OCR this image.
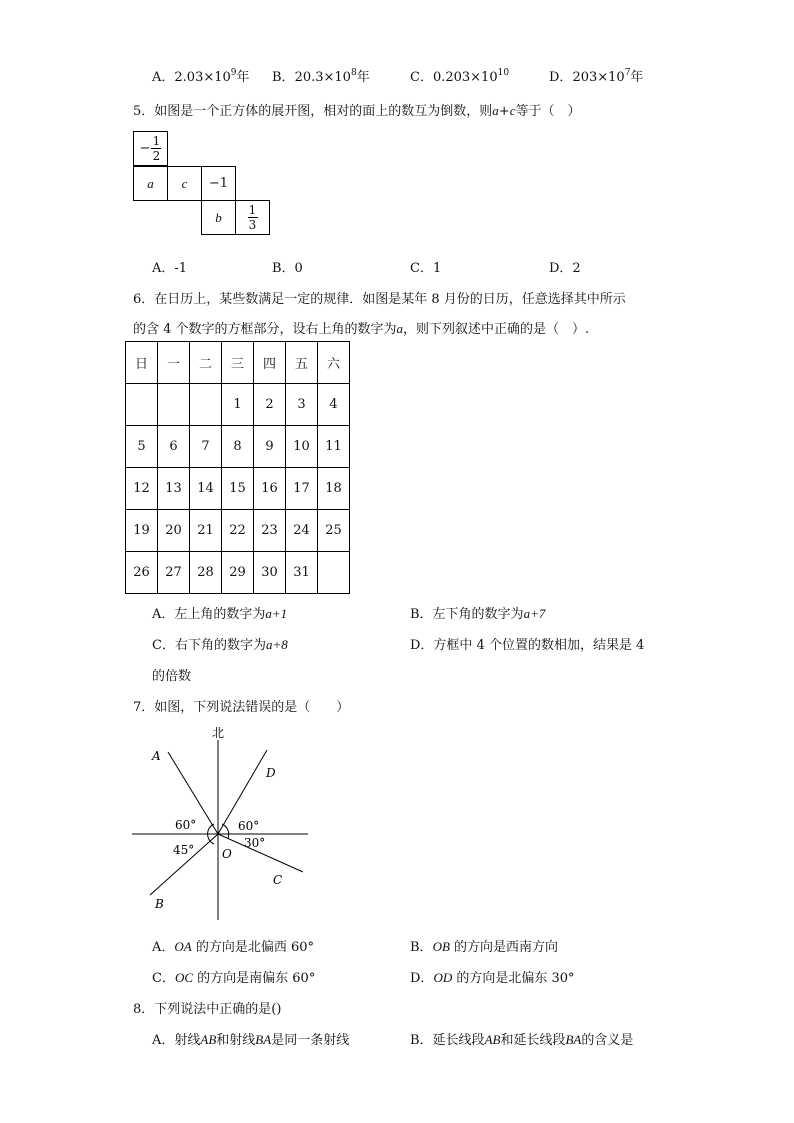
A．$2.03\times 10^9$年 B．$20.3\times 10^8$年	C．$0.203\times 10^{10}$	D．$203\times 10^7$年
5．如图是一个正方体的展开图，相对的面上的数互为倒数，则a+c等于（　）
− $\frac{1}{2}$
a c −1
b $\frac{1}{3}$
A．-1	B．0	C．1	D．2
6．在日历上，某些数满足一定的规律．如图是某年 8 月份的日历，任意选择其中所示
的含 4 个数字的方框部分，设右上角的数字为a，则下列叙述中正确的是（　）.
日	一	二	三	四	五	六
			1	2	3	4
5	6	7	8	9	10	11
12	13	14	15	16	17	18
19	20	21	22	23	24	25
26	27	28	29	30	31	
A．左上角的数字为a+1	B．左下角的数字为a+7
C．右下角的数字为a+8	D．方框中 4 个位置的数相加，结果是 4
的倍数
7．如图，下列说法错误的是（　　）
北
A
D
60°	60°
45°	30°
O
C
B
A．OA 的方向是北偏西 60°	B．OB 的方向是西南方向
C．OC 的方向是南偏东 60°	D．OD 的方向是北偏东 30°
8．下列说法中正确的是()
A．射线AB和射线BA是同一条射线	B．延长线段AB和延长线段BA的含义是
